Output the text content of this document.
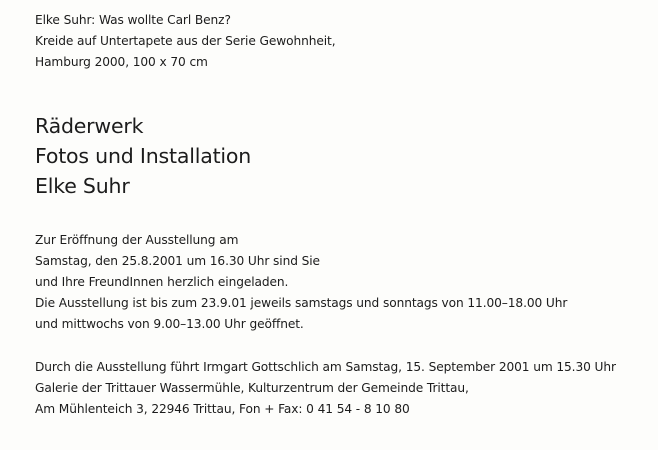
Elke Suhr: Was wollte Carl Benz?
Kreide auf Untertapete aus der Serie Gewohnheit,
Hamburg 2000, 100 x 70 cm
Räderwerk
Fotos und Installation
Elke Suhr
Zur Eröffnung der Ausstellung am
Samstag, den 25.8.2001 um 16.30 Uhr sind Sie
und Ihre FreundInnen herzlich eingeladen.
Die Ausstellung ist bis zum 23.9.01 jeweils samstags und sonntags von 11.00–18.00 Uhr
und mittwochs von 9.00–13.00 Uhr geöffnet.
Durch die Ausstellung führt Irmgart Gottschlich am Samstag, 15. September 2001 um 15.30 Uhr
Galerie der Trittauer Wassermühle, Kulturzentrum der Gemeinde Trittau,
Am Mühlenteich 3, 22946 Trittau, Fon + Fax: 0 41 54 - 8 10 80
